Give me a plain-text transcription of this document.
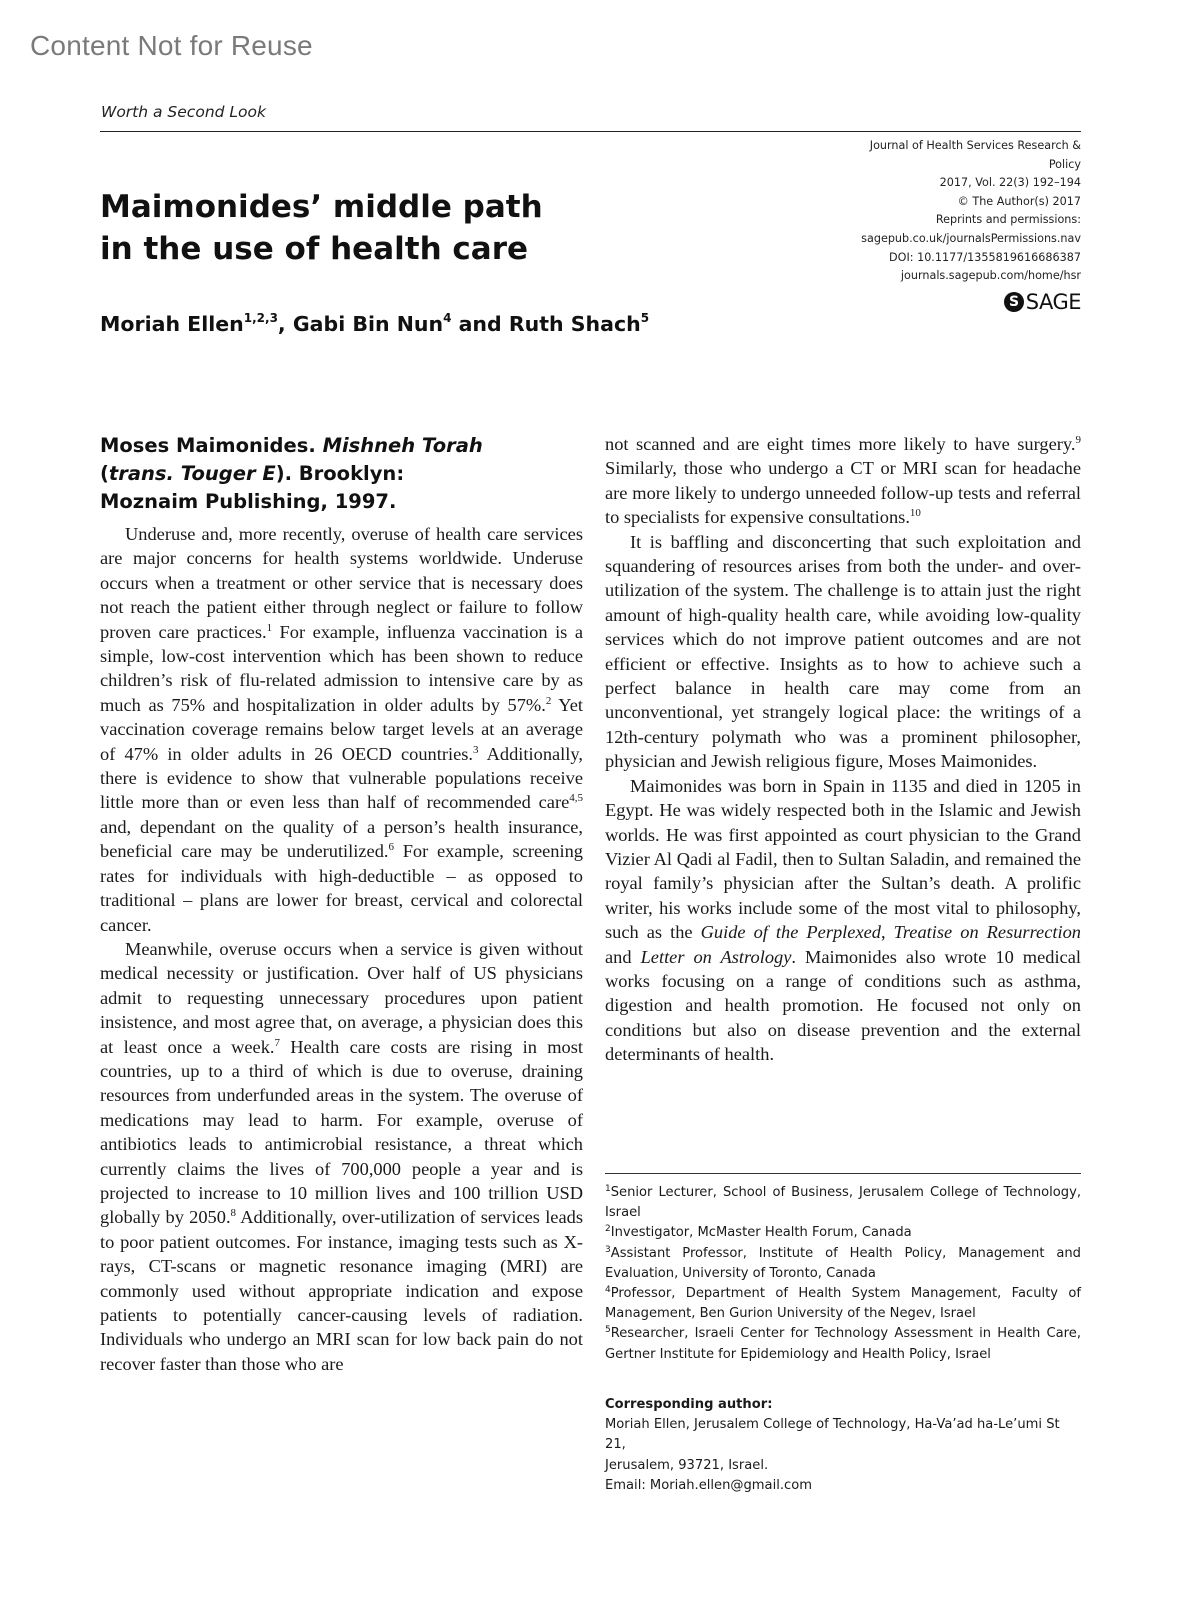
Content Not for Reuse
Worth a Second Look
Journal of Health Services Research &
Policy
2017, Vol. 22(3) 192–194
© The Author(s) 2017
Reprints and permissions:
sagepub.co.uk/journalsPermissions.nav
DOI: 10.1177/1355819616686387
journals.sagepub.com/home/hsr
S SAGE
Maimonides’ middle path
in the use of health care
Moriah Ellen$^{1,2,3}$, Gabi Bin Nun$^4$ and Ruth Shach$^5$
Moses Maimonides. Mishneh Torah
(trans. Touger E). Brooklyn:
Moznaim Publishing, 1997.

Underuse and, more recently, overuse of health care services are major concerns for health systems worldwide. Underuse occurs when a treatment or other service that is necessary does not reach the patient either through neglect or failure to follow proven care practices.$^1$ For example, influenza vaccination is a simple, low-cost intervention which has been shown to reduce children’s risk of flu-related admission to intensive care by as much as 75% and hospitalization in older adults by 57%.$^2$ Yet vaccination coverage remains below target levels at an average of 47% in older adults in 26 OECD countries.$^3$ Additionally, there is evidence to show that vulnerable populations receive little more than or even less than half of recommended care$^{4,5}$ and, dependant on the quality of a person’s health insurance, beneficial care may be underutilized.$^6$ For example, screening rates for individuals with high-deductible – as opposed to traditional – plans are lower for breast, cervical and colorectal cancer.

Meanwhile, overuse occurs when a service is given without medical necessity or justification. Over half of US physicians admit to requesting unnecessary procedures upon patient insistence, and most agree that, on average, a physician does this at least once a week.$^7$ Health care costs are rising in most countries, up to a third of which is due to overuse, draining resources from underfunded areas in the system. The overuse of medications may lead to harm. For example, overuse of antibiotics leads to antimicrobial resistance, a threat which currently claims the lives of 700,000 people a year and is projected to increase to 10 million lives and 100 trillion USD globally by 2050.$^8$ Additionally, over-utilization of services leads to poor patient outcomes. For instance, imaging tests such as X-rays, CT-scans or magnetic resonance imaging (MRI) are commonly used without appropriate indication and expose patients to potentially cancer-causing levels of radiation. Individuals who undergo an MRI scan for low back pain do not recover faster than those who are

not scanned and are eight times more likely to have surgery.$^9$ Similarly, those who undergo a CT or MRI scan for headache are more likely to undergo unneeded follow-up tests and referral to specialists for expensive consultations.$^{10}$

It is baffling and disconcerting that such exploitation and squandering of resources arises from both the under- and over-utilization of the system. The challenge is to attain just the right amount of high-quality health care, while avoiding low-quality services which do not improve patient outcomes and are not efficient or effective. Insights as to how to achieve such a perfect balance in health care may come from an unconventional, yet strangely logical place: the writings of a 12th-century polymath who was a prominent philosopher, physician and Jewish religious figure, Moses Maimonides.

Maimonides was born in Spain in 1135 and died in 1205 in Egypt. He was widely respected both in the Islamic and Jewish worlds. He was first appointed as court physician to the Grand Vizier Al Qadi al Fadil, then to Sultan Saladin, and remained the royal family’s physician after the Sultan’s death. A prolific writer, his works include some of the most vital to philosophy, such as the Guide of the Perplexed, Treatise on Resurrection and Letter on Astrology. Maimonides also wrote 10 medical works focusing on a range of conditions such as asthma, digestion and health promotion. He focused not only on conditions but also on disease prevention and the external determinants of health.

$^1$Senior Lecturer, School of Business, Jerusalem College of Technology, Israel

$^2$Investigator, McMaster Health Forum, Canada

$^3$Assistant Professor, Institute of Health Policy, Management and Evaluation, University of Toronto, Canada

$^4$Professor, Department of Health System Management, Faculty of Management, Ben Gurion University of the Negev, Israel

$^5$Researcher, Israeli Center for Technology Assessment in Health Care, Gertner Institute for Epidemiology and Health Policy, Israel

Corresponding author:
Moriah Ellen, Jerusalem College of Technology, Ha-Va’ad ha-Le’umi St 21,
Jerusalem, 93721, Israel.
Email: Moriah.ellen@gmail.com
